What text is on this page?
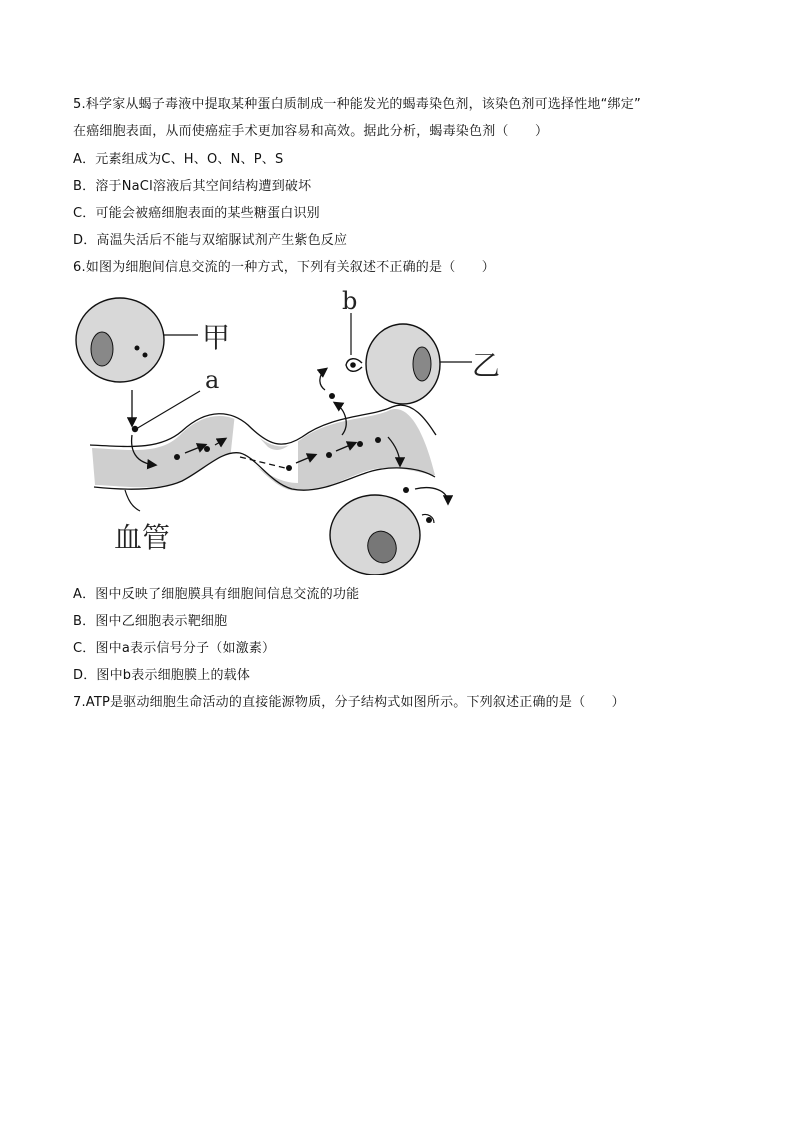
5.科学家从蝎子毒液中提取某种蛋白质制成一种能发光的蝎毒染色剂，该染色剂可选择性地“绑定”
在癌细胞表面，从而使癌症手术更加容易和高效。据此分析，蝎毒染色剂（　　）
A．元素组成为C、H、O、N、P、S
B．溶于NaCl溶液后其空间结构遭到破坏
C．可能会被癌细胞表面的某些糖蛋白识别
D．高温失活后不能与双缩脲试剂产生紫色反应
6.如图为细胞间信息交流的一种方式，下列有关叙述不正确的是（　　）
甲
a
b
乙
血管
A．图中反映了细胞膜具有细胞间信息交流的功能
B．图中乙细胞表示靶细胞
C．图中a表示信号分子（如激素）
D．图中b表示细胞膜上的载体
7.ATP是驱动细胞生命活动的直接能源物质，分子结构式如图所示。下列叙述正确的是（　　）
